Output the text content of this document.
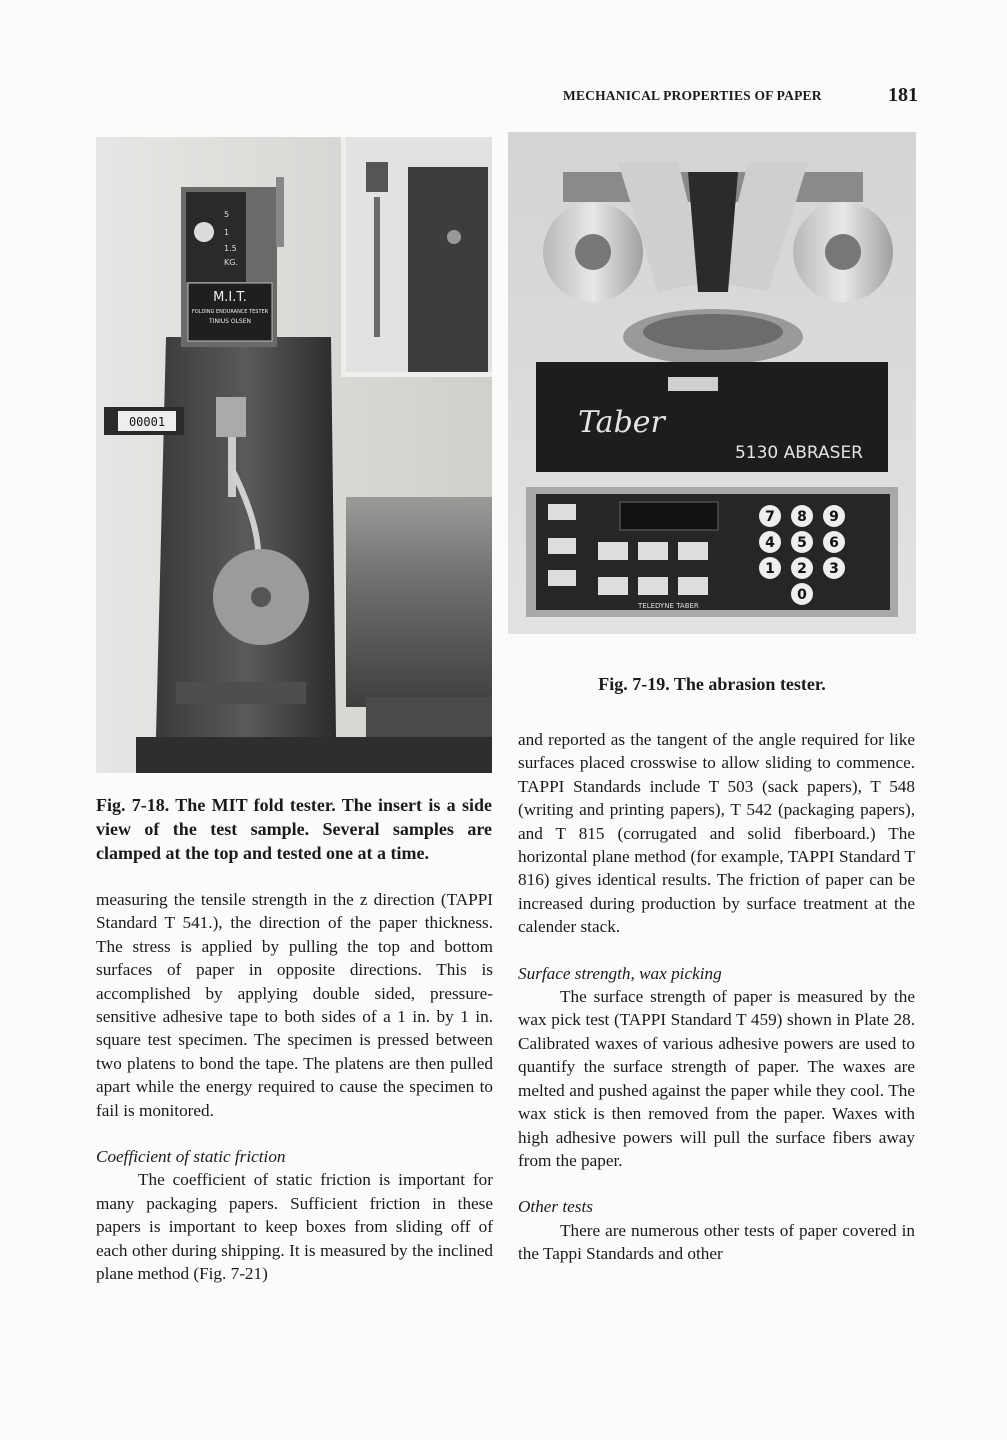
MECHANICAL PROPERTIES OF PAPER	181
5
1
1.5
KG.
M.I.T.
FOLDING ENDURANCE TESTER
TINIUS OLSEN
00001	Taber
5130 ABRASER
7 8 9
4 5 6
1 2 3
0
TELEDYNE TABER
Fig. 7-18. The MIT fold tester. The insert is a side view of the test sample. Several samples are clamped at the top and tested one at a time.
Fig. 7-19. The abrasion tester.

measuring the tensile strength in the z direction (TAPPI Standard T 541.), the direction of the paper thickness. The stress is applied by pulling the top and bottom surfaces of paper in opposite directions. This is accomplished by applying double sided, pressure-sensitive adhesive tape to both sides of a 1 in. by 1 in. square test specimen. The specimen is pressed between two platens to bond the tape. The platens are then pulled apart while the energy required to cause the specimen to fail is monitored.

Coefficient of static friction

The coefficient of static friction is important for many packaging papers. Sufficient friction in these papers is important to keep boxes from sliding off of each other during shipping. It is measured by the inclined plane method (Fig. 7-21)

and reported as the tangent of the angle required for like surfaces placed crosswise to allow sliding to commence. TAPPI Standards include T 503 (sack papers), T 548 (writing and printing papers), T 542 (packaging papers), and T 815 (corrugated and solid fiberboard.) The horizontal plane method (for example, TAPPI Standard T 816) gives identical results. The friction of paper can be increased during production by surface treatment at the calender stack.

Surface strength, wax picking

The surface strength of paper is measured by the wax pick test (TAPPI Standard T 459) shown in Plate 28. Calibrated waxes of various adhesive powers are used to quantify the surface strength of paper. The waxes are melted and pushed against the paper while they cool. The wax stick is then removed from the paper. Waxes with high adhesive powers will pull the surface fibers away from the paper.

Other tests

There are numerous other tests of paper covered in the Tappi Standards and other
